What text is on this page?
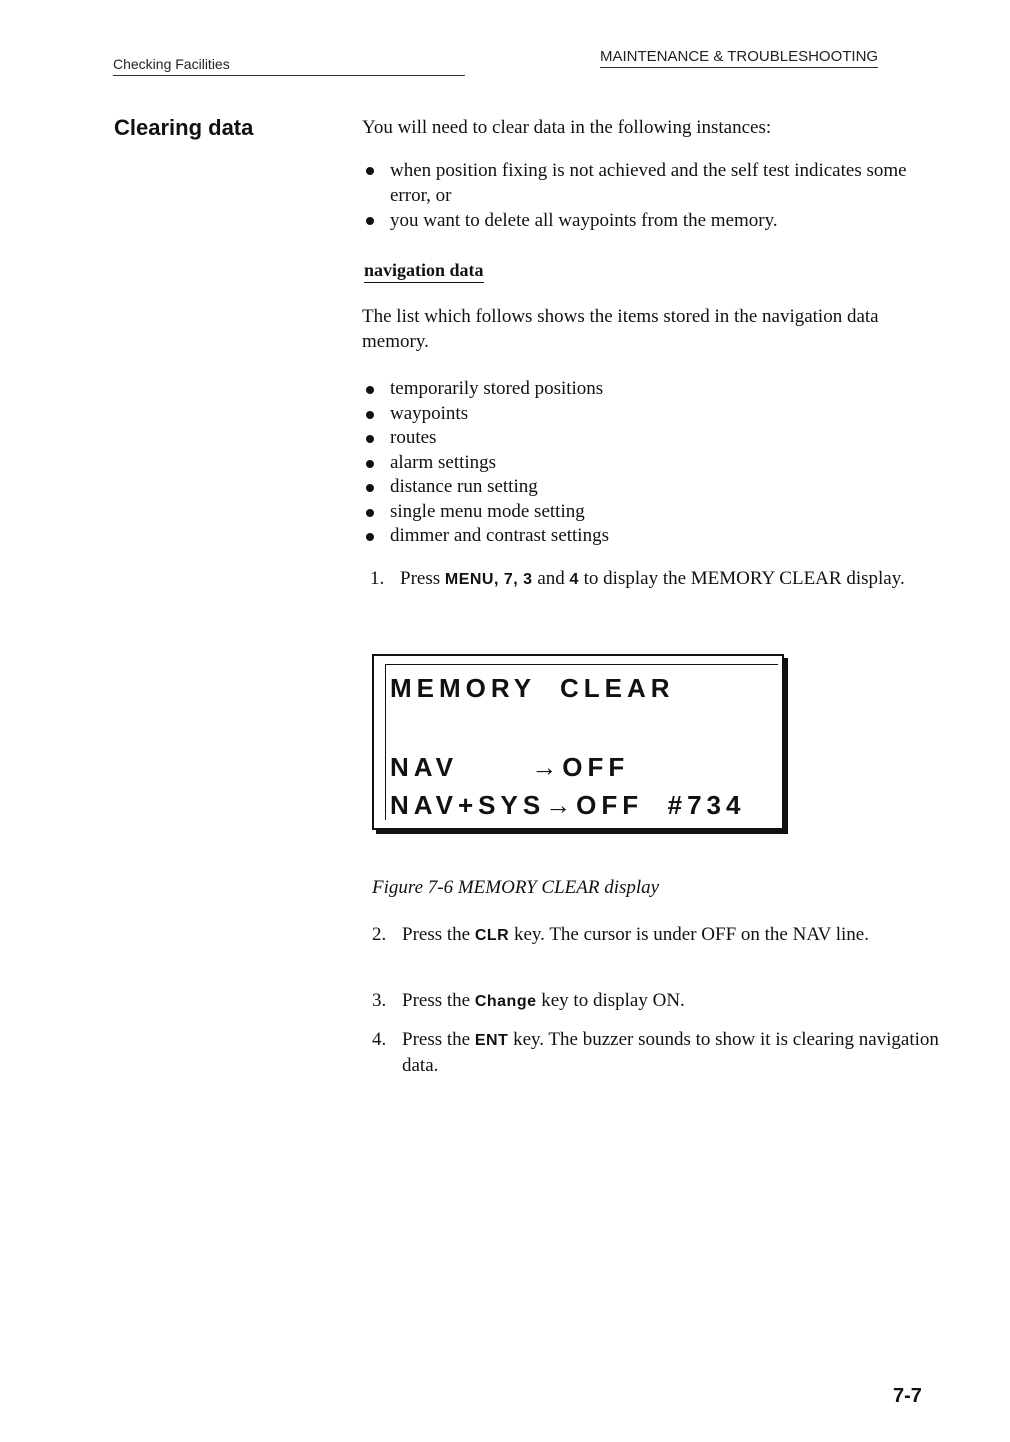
Checking Facilities	MAINTENANCE & TROUBLESHOOTING
Clearing data	You will need to clear data in the following instances:
when position fixing is not achieved and the self test indicates some error, or
you want to delete all waypoints from the memory.
navigation data
The list which follows shows the items stored in the navigation data memory.
temporarily stored positions
waypoints
routes
alarm settings
distance run setting
single menu mode setting
dimmer and contrast settings
1. Press MENU, 7, 3 and 4 to display the MEMORY CLEAR display.
MEMORY  CLEAR
NAV      →OFF
NAV+SYS→OFF  #734
Figure 7-6 MEMORY CLEAR display
2. Press the CLR key. The cursor is under OFF on the NAV line.
3. Press the Change key to display ON.
4. Press the ENT key. The buzzer sounds to show it is clearing navigation data.
7-7
